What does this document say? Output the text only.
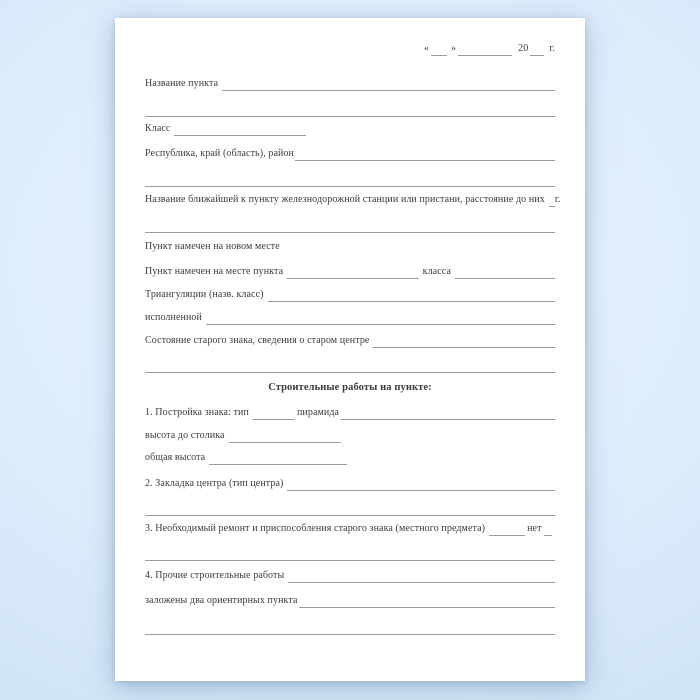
« »	20 г.
Название пункта
Класс
Республика, край (область), район
Название ближайшей к пункту железнодорожной станции или пристани, расстояние до них г.
Пункт намечен на новом месте
Пункт намечен на месте пункта	класса
Триангуляции (назв. класс)
исполненной
Состояние старого знака, сведения о старом центре
Строительные работы на пункте:
1. Постройка знака: тип	пирамида
высота до столика
общая высота
2. Закладка центра (тип центра)
3. Необходимый ремонт и приспособления старого знака (местного предмета)	нет
4. Прочие строительные работы
заложены два ориентирных пункта
